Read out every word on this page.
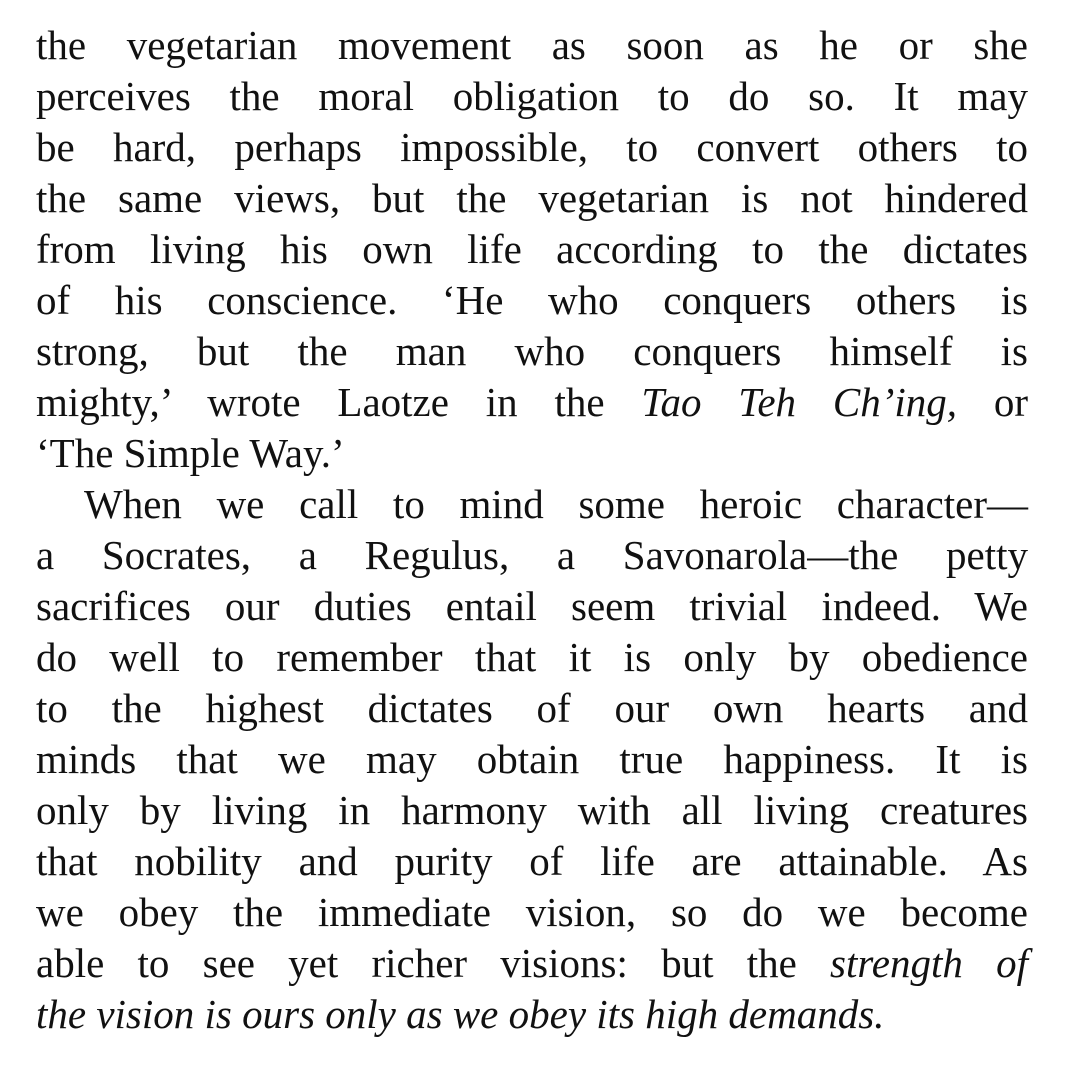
the vegetarian movement as soon as he or she
perceives the moral obligation to do so. It may
be hard, perhaps impossible, to convert others to
the same views, but the vegetarian is not hindered
from living his own life according to the dictates
of his conscience. ‘He who conquers others is
strong, but the man who conquers himself is
mighty,’ wrote Laotze in the Tao Teh Ch’ing, or
‘The Simple Way.’
When we call to mind some heroic character—
a Socrates, a Regulus, a Savonarola—the petty
sacrifices our duties entail seem trivial indeed. We
do well to remember that it is only by obedience
to the highest dictates of our own hearts and
minds that we may obtain true happiness. It is
only by living in harmony with all living creatures
that nobility and purity of life are attainable. As
we obey the immediate vision, so do we become
able to see yet richer visions: but the strength of
the vision is ours only as we obey its high demands.
